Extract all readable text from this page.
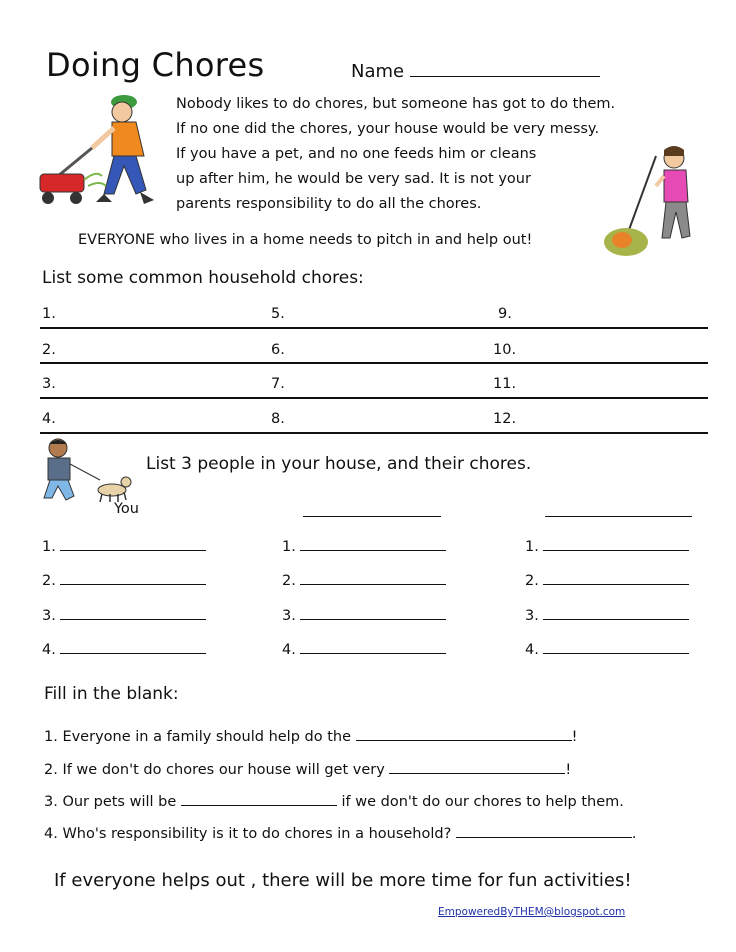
Doing Chores	Name
Nobody likes to do chores, but someone has got to do them.
If no one did the chores, your house would be very messy.
If you have a pet, and no one feeds him or cleans
up after him, he would be very sad. It is not your
parents responsibility to do all the chores.
EVERYONE who lives in a home needs to pitch in and help out!
List some common household chores:
1.	5.	9.
2.	6.	10.
3.	7.	11.
4.	8.	12.
List 3 people in your house, and their chores.
You
1.
2.
3.
4.
1.
2.
3.
4.
1.
2.
3.
4.
Fill in the blank:
1. Everyone in a family should help do the	!
2. If we don't do chores our house will get very	!
3. Our pets will be	if we don't do our chores to help them.
4. Who's responsibility is it to do chores in a household?	.
If everyone helps out , there will be more time for fun activities!
EmpoweredByTHEM@blogspot.com
